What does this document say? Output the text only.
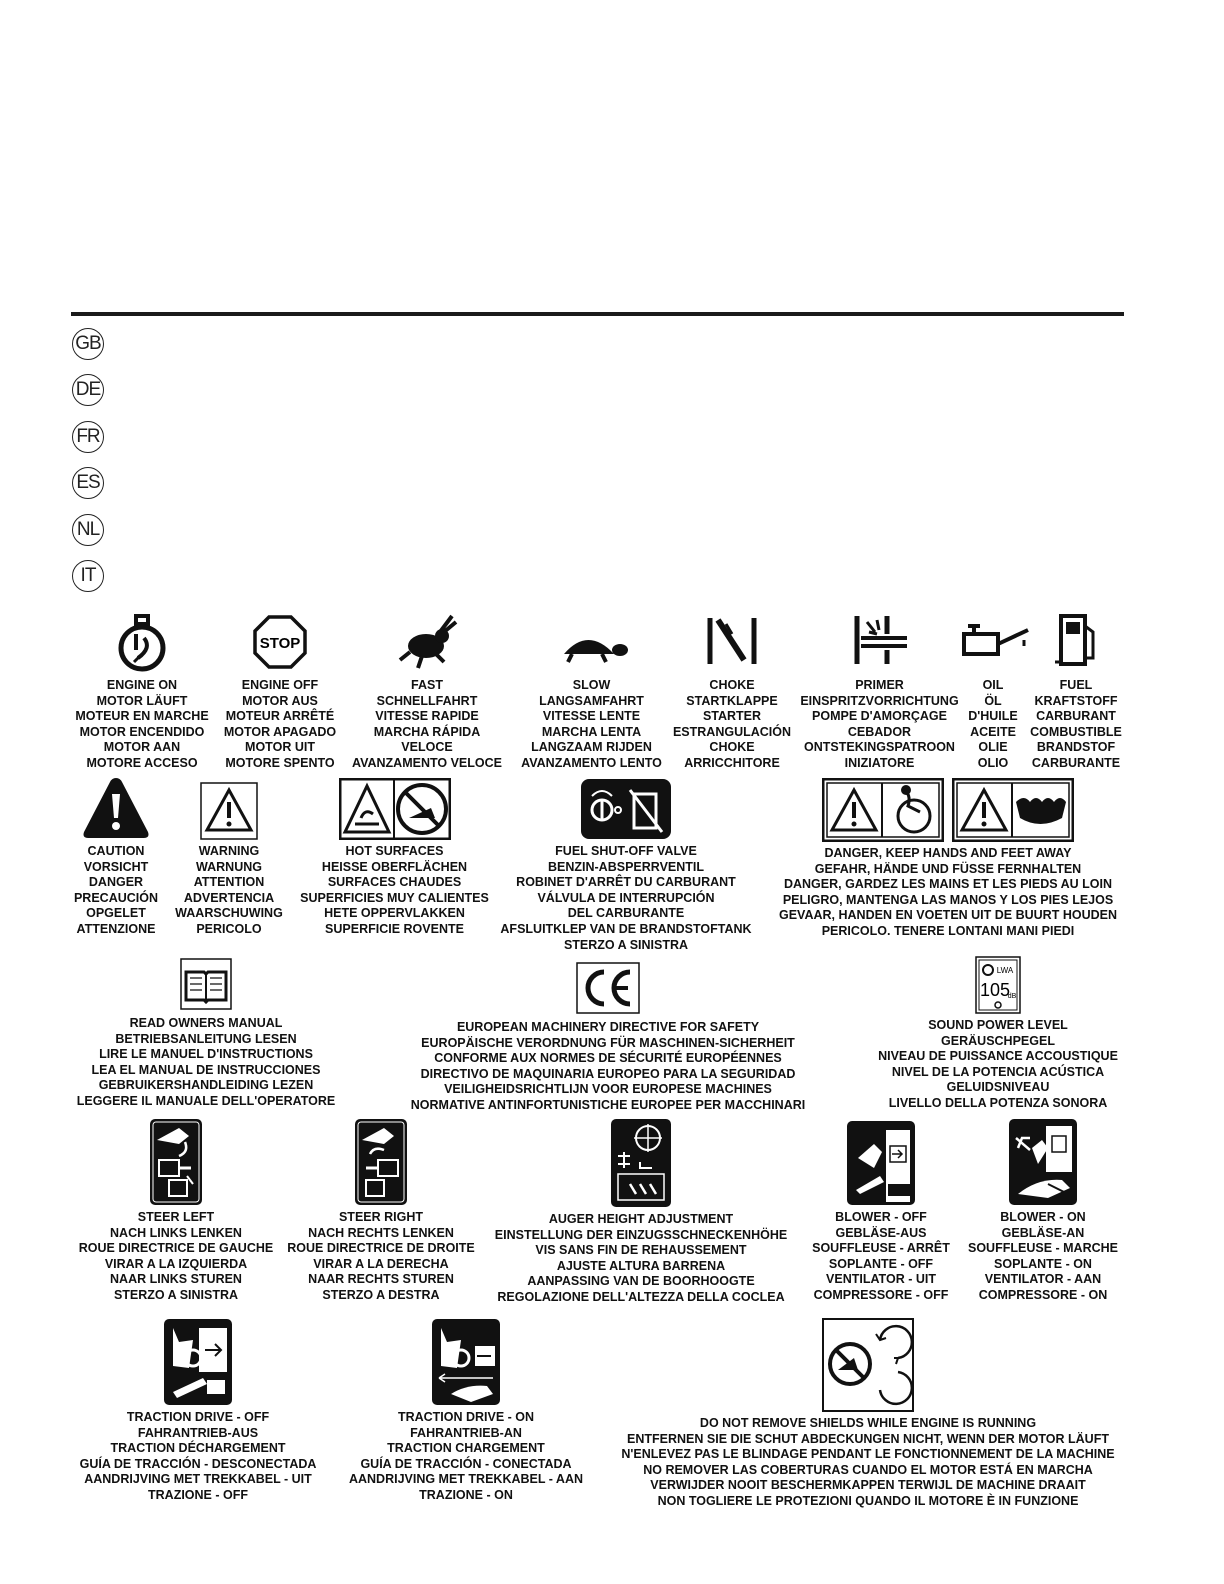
GB
DE
FR
ES
NL
IT
ENGINE ON
MOTOR LÄUFT
MOTEUR EN MARCHE
MOTOR ENCENDIDO
MOTOR AAN
MOTORE ACCESO
STOP
ENGINE OFF
MOTOR AUS
MOTEUR ARRÊTÉ
MOTOR APAGADO
MOTOR UIT
MOTORE SPENTO
FAST
SCHNELLFAHRT
VITESSE RAPIDE
MARCHA RÁPIDA
VELOCE
AVANZAMENTO VELOCE
SLOW
LANGSAMFAHRT
VITESSE LENTE
MARCHA LENTA
LANGZAAM RIJDEN
AVANZAMENTO LENTO
CHOKE
STARTKLAPPE
STARTER
ESTRANGULACIÓN
CHOKE
ARRICCHITORE
PRIMER
EINSPRITZVORRICHTUNG
POMPE D'AMORÇAGE
CEBADOR
ONTSTEKINGSPATROON
INIZIATORE
OIL
ÖL
D'HUILE
ACEITE
OLIE
OLIO
FUEL
KRAFTSTOFF
CARBURANT
COMBUSTIBLE
BRANDSTOF
CARBURANTE
CAUTION
VORSICHT
DANGER
PRECAUCIÓN
OPGELET
ATTENZIONE
WARNING
WARNUNG
ATTENTION
ADVERTENCIA
WAARSCHUWING
PERICOLO
HOT SURFACES
HEISSE OBERFLÄCHEN
SURFACES CHAUDES
SUPERFICIES MUY CALIENTES
HETE OPPERVLAKKEN
SUPERFICIE ROVENTE
FUEL SHUT-OFF VALVE
BENZIN-ABSPERRVENTIL
ROBINET D'ARRÊT DU CARBURANT
VÁLVULA DE INTERRUPCIÓN
DEL CARBURANTE
AFSLUITKLEP VAN DE BRANDSTOFTANK
STERZO A SINISTRA
DANGER, KEEP HANDS AND FEET AWAY
GEFAHR, HÄNDE UND FÜSSE FERNHALTEN
DANGER, GARDEZ LES MAINS ET LES PIEDS AU LOIN
PELIGRO, MANTENGA LAS MANOS Y LOS PIES LEJOS
GEVAAR, HANDEN EN VOETEN UIT DE BUURT HOUDEN
PERICOLO. TENERE LONTANI MANI PIEDI
READ OWNERS MANUAL
BETRIEBSANLEITUNG LESEN
LIRE LE MANUEL D'INSTRUCTIONS
LEA EL MANUAL DE INSTRUCCIONES
GEBRUIKERSHANDLEIDING LEZEN
LEGGERE IL MANUALE DELL'OPERATORE
EUROPEAN MACHINERY DIRECTIVE FOR SAFETY
EUROPÄISCHE VERORDNUNG FÜR MASCHINEN-SICHERHEIT
CONFORME AUX NORMES DE SÉCURITÉ EUROPÉENNES
DIRECTIVO DE MAQUINARIA EUROPEO PARA LA SEGURIDAD
VEILIGHEIDSRICHTLIJN VOOR EUROPESE MACHINES
NORMATIVE ANTINFORTUNISTICHE EUROPEE PER MACCHINARI
LWA
105
dB
SOUND POWER LEVEL
GERÄUSCHPEGEL
NIVEAU DE PUISSANCE ACCOUSTIQUE
NIVEL DE LA POTENCIA ACÚSTICA
GELUIDSNIVEAU
LIVELLO DELLA POTENZA SONORA
STEER LEFT
NACH LINKS LENKEN
ROUE DIRECTRICE DE GAUCHE
VIRAR A LA IZQUIERDA
NAAR LINKS STUREN
STERZO A SINISTRA
STEER RIGHT
NACH RECHTS LENKEN
ROUE DIRECTRICE DE DROITE
VIRAR A LA DERECHA
NAAR RECHTS STUREN
STERZO A DESTRA
AUGER HEIGHT ADJUSTMENT
EINSTELLUNG DER EINZUGSSCHNECKENHÖHE
VIS SANS FIN DE REHAUSSEMENT
AJUSTE ALTURA BARRENA
AANPASSING VAN DE BOORHOOGTE
REGOLAZIONE DELL'ALTEZZA DELLA COCLEA
BLOWER - OFF
GEBLÄSE-AUS
SOUFFLEUSE - ARRÊT
SOPLANTE - OFF
VENTILATOR - UIT
COMPRESSORE - OFF
BLOWER - ON
GEBLÄSE-AN
SOUFFLEUSE - MARCHE
SOPLANTE - ON
VENTILATOR - AAN
COMPRESSORE - ON
TRACTION DRIVE - OFF
FAHRANTRIEB-AUS
TRACTION DÉCHARGEMENT
GUÍA DE TRACCIÓN - DESCONECTADA
AANDRIJVING MET TREKKABEL - UIT
TRAZIONE - OFF
TRACTION DRIVE - ON
FAHRANTRIEB-AN
TRACTION CHARGEMENT
GUÍA DE TRACCIÓN - CONECTADA
AANDRIJVING MET TREKKABEL - AAN
TRAZIONE - ON
DO NOT REMOVE SHIELDS WHILE ENGINE IS RUNNING
ENTFERNEN SIE DIE SCHUT ABDECKUNGEN NICHT, WENN DER MOTOR LÄUFT
N'ENLEVEZ PAS LE BLINDAGE PENDANT LE FONCTIONNEMENT DE LA MACHINE
NO REMOVER LAS COBERTURAS CUANDO EL MOTOR ESTÁ EN MARCHA
VERWIJDER NOOIT BESCHERMKAPPEN TERWIJL DE MACHINE DRAAIT
NON TOGLIERE LE PROTEZIONI QUANDO IL MOTORE È IN FUNZIONE
